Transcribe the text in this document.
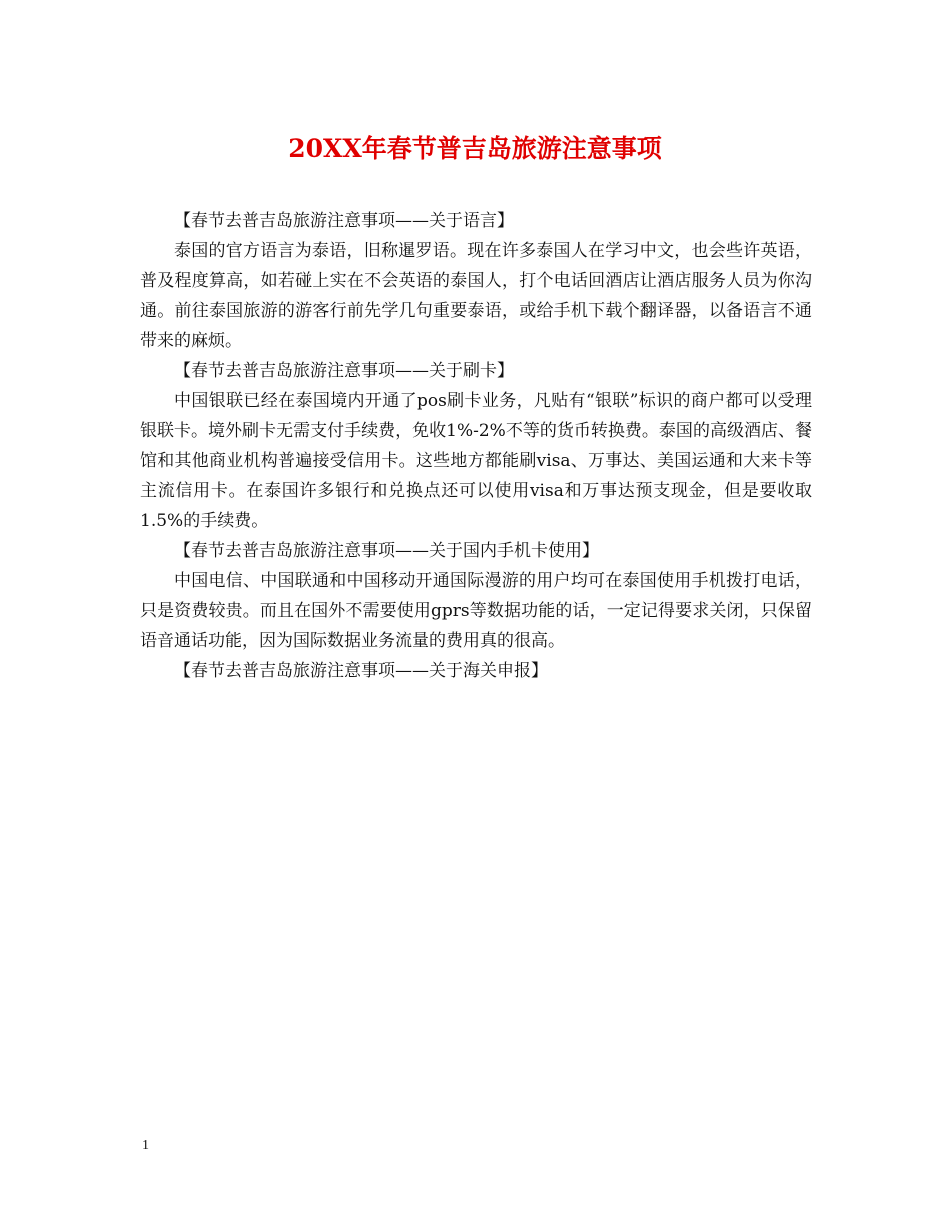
20XX年春节普吉岛旅游注意事项

【春节去普吉岛旅游注意事项——关于语言】

泰国的官方语言为泰语，旧称暹罗语。现在许多泰国人在学习中文，也会些许英语，普及程度算高，如若碰上实在不会英语的泰国人，打个电话回酒店让酒店服务人员为你沟通。前往泰国旅游的游客行前先学几句重要泰语，或给手机下载个翻译器，以备语言不通带来的麻烦。

【春节去普吉岛旅游注意事项——关于刷卡】

中国银联已经在泰国境内开通了pos刷卡业务，凡贴有“银联”标识的商户都可以受理银联卡。境外刷卡无需支付手续费，免收1%-2%不等的货币转换费。泰国的高级酒店、餐馆和其他商业机构普遍接受信用卡。这些地方都能刷visa、万事达、美国运通和大来卡等主流信用卡。在泰国许多银行和兑换点还可以使用visa和万事达预支现金，但是要收取1.5%的手续费。

【春节去普吉岛旅游注意事项——关于国内手机卡使用】

中国电信、中国联通和中国移动开通国际漫游的用户均可在泰国使用手机拨打电话，只是资费较贵。而且在国外不需要使用gprs等数据功能的话，一定记得要求关闭，只保留语音通话功能，因为国际数据业务流量的费用真的很高。

【春节去普吉岛旅游注意事项——关于海关申报】

1
